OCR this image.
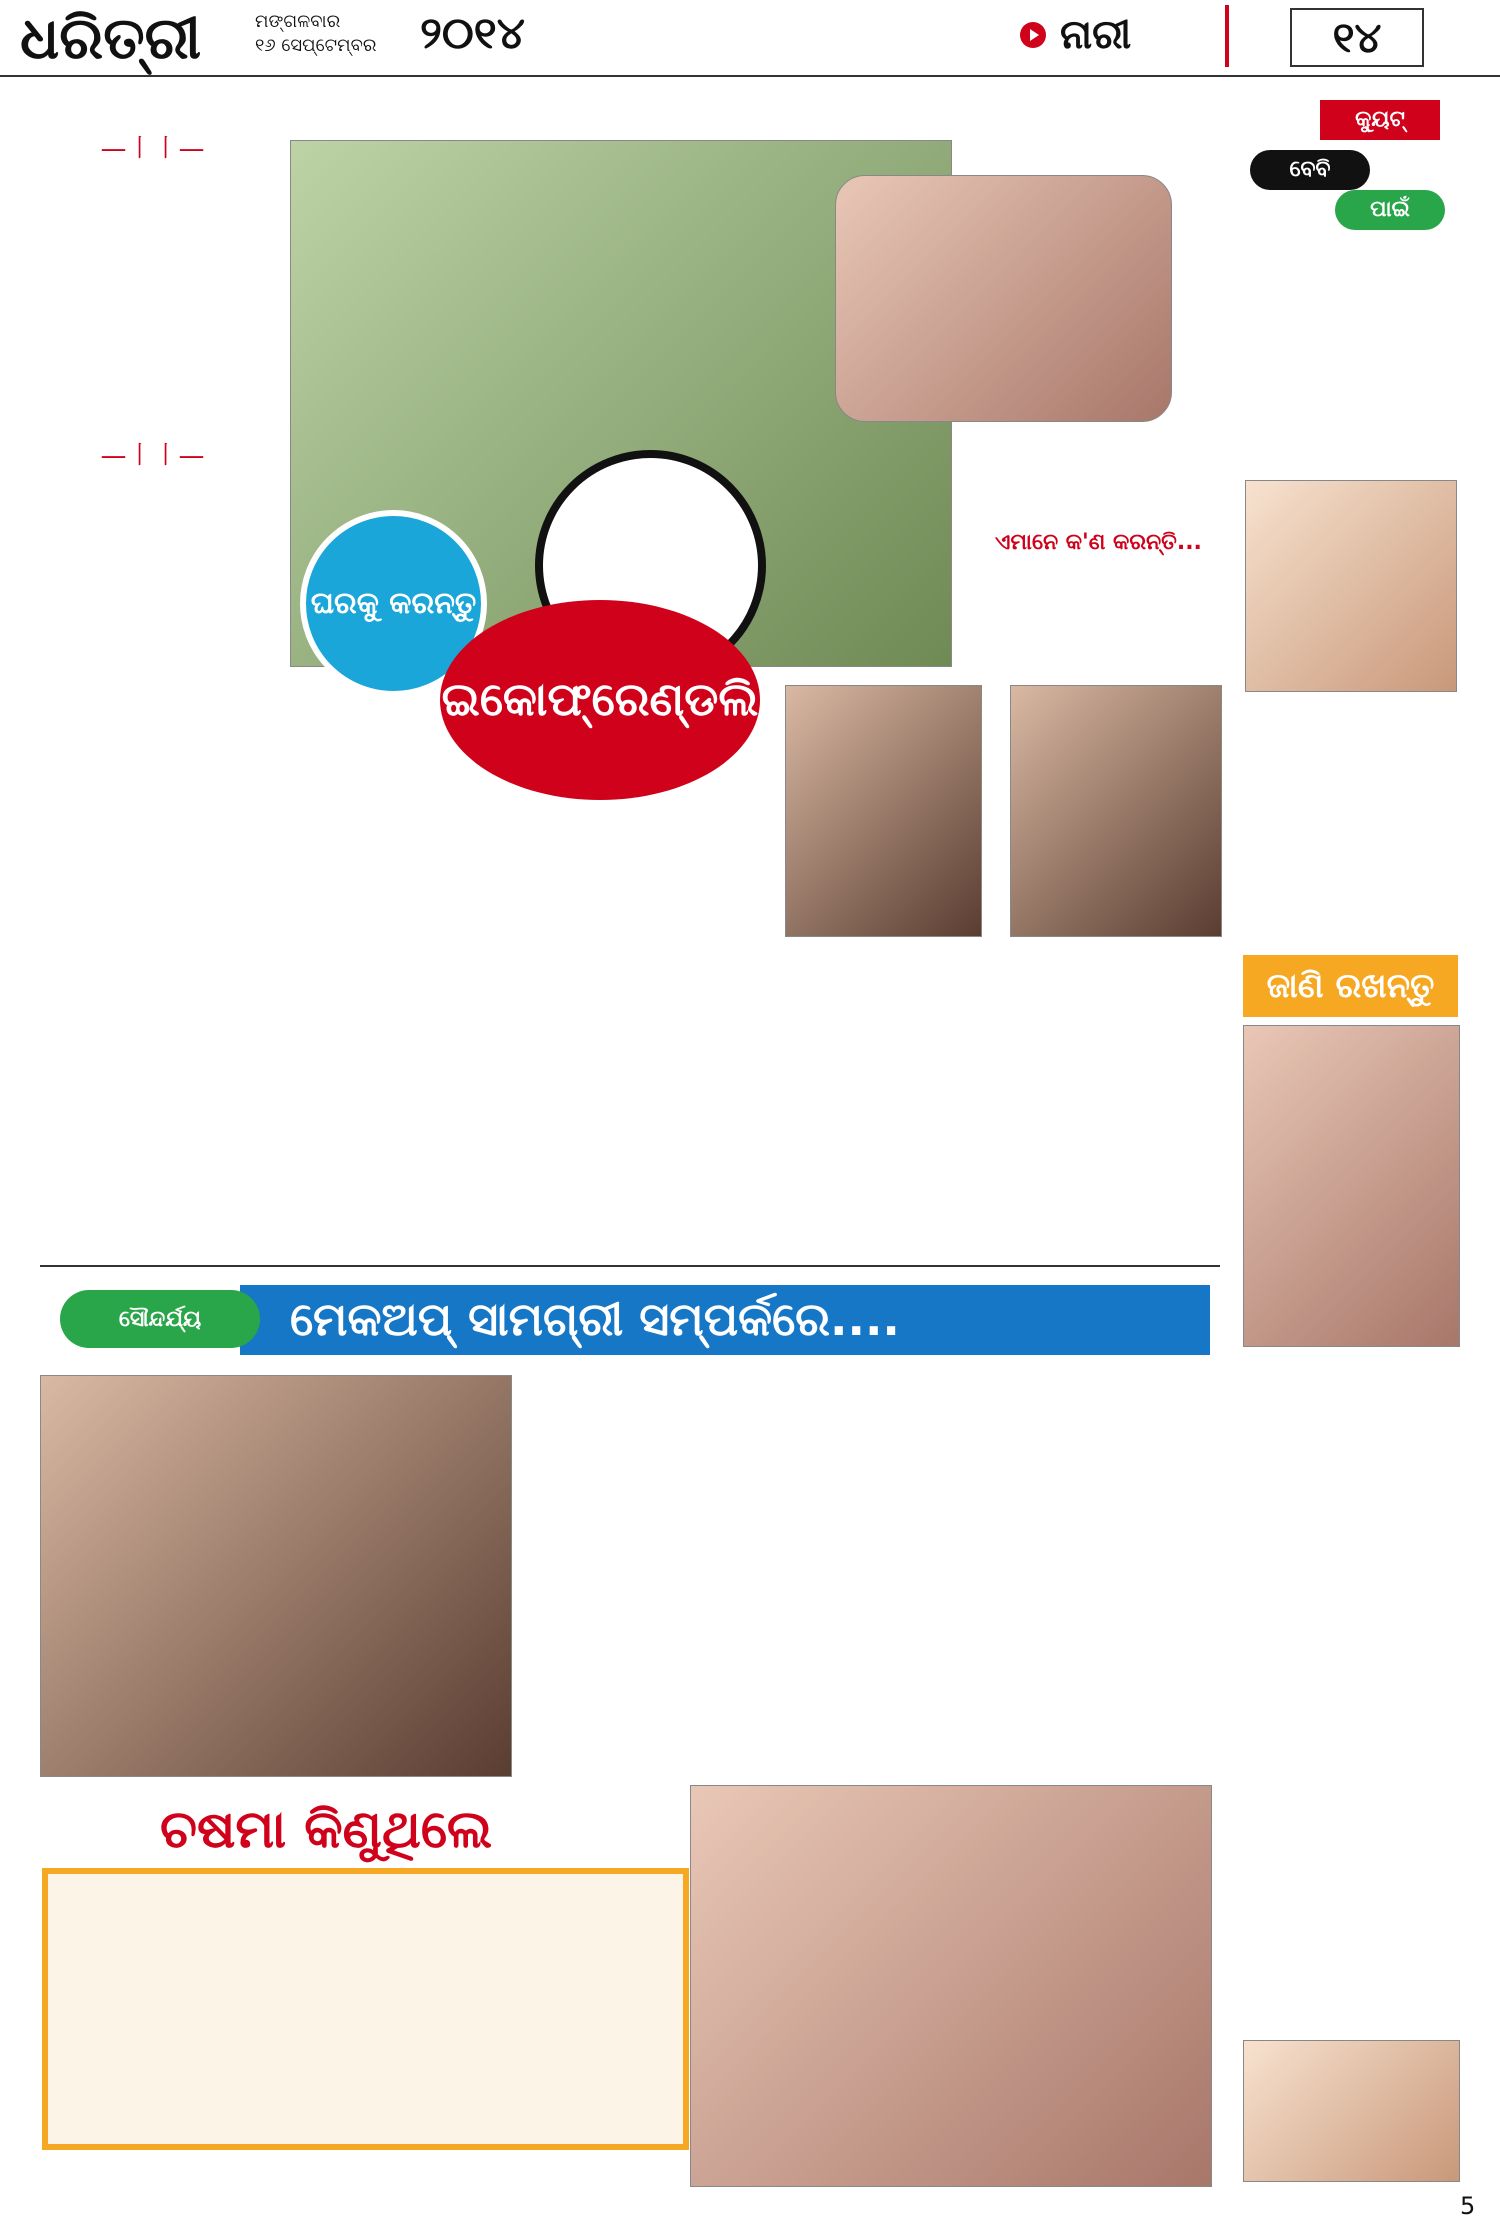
ଧରିତ୍ରୀ	ମଙ୍ଗଳବାର
୧୬ ସେପ୍ଟେମ୍ବର ୨୦୧୪	ନାରୀ	୧୪
—〡〡—
—〡〡—
ଘରକୁ କରନ୍ତୁ
ଇକୋଫ୍ରେଣ୍ଡଲି
ଏମାନେ କ'ଣ କରନ୍ତି...
କ୍ୟୁଟ୍
ବେବି
ପାଇଁ
ଜାଣି ରଖନ୍ତୁ
ମେକଅପ୍ ସାମଗ୍ରୀ ସମ୍ପର୍କରେ....
ସୌନ୍ଦର୍ଯ୍ୟ
ଚଷମା କିଣୁଥିଲେ
5
